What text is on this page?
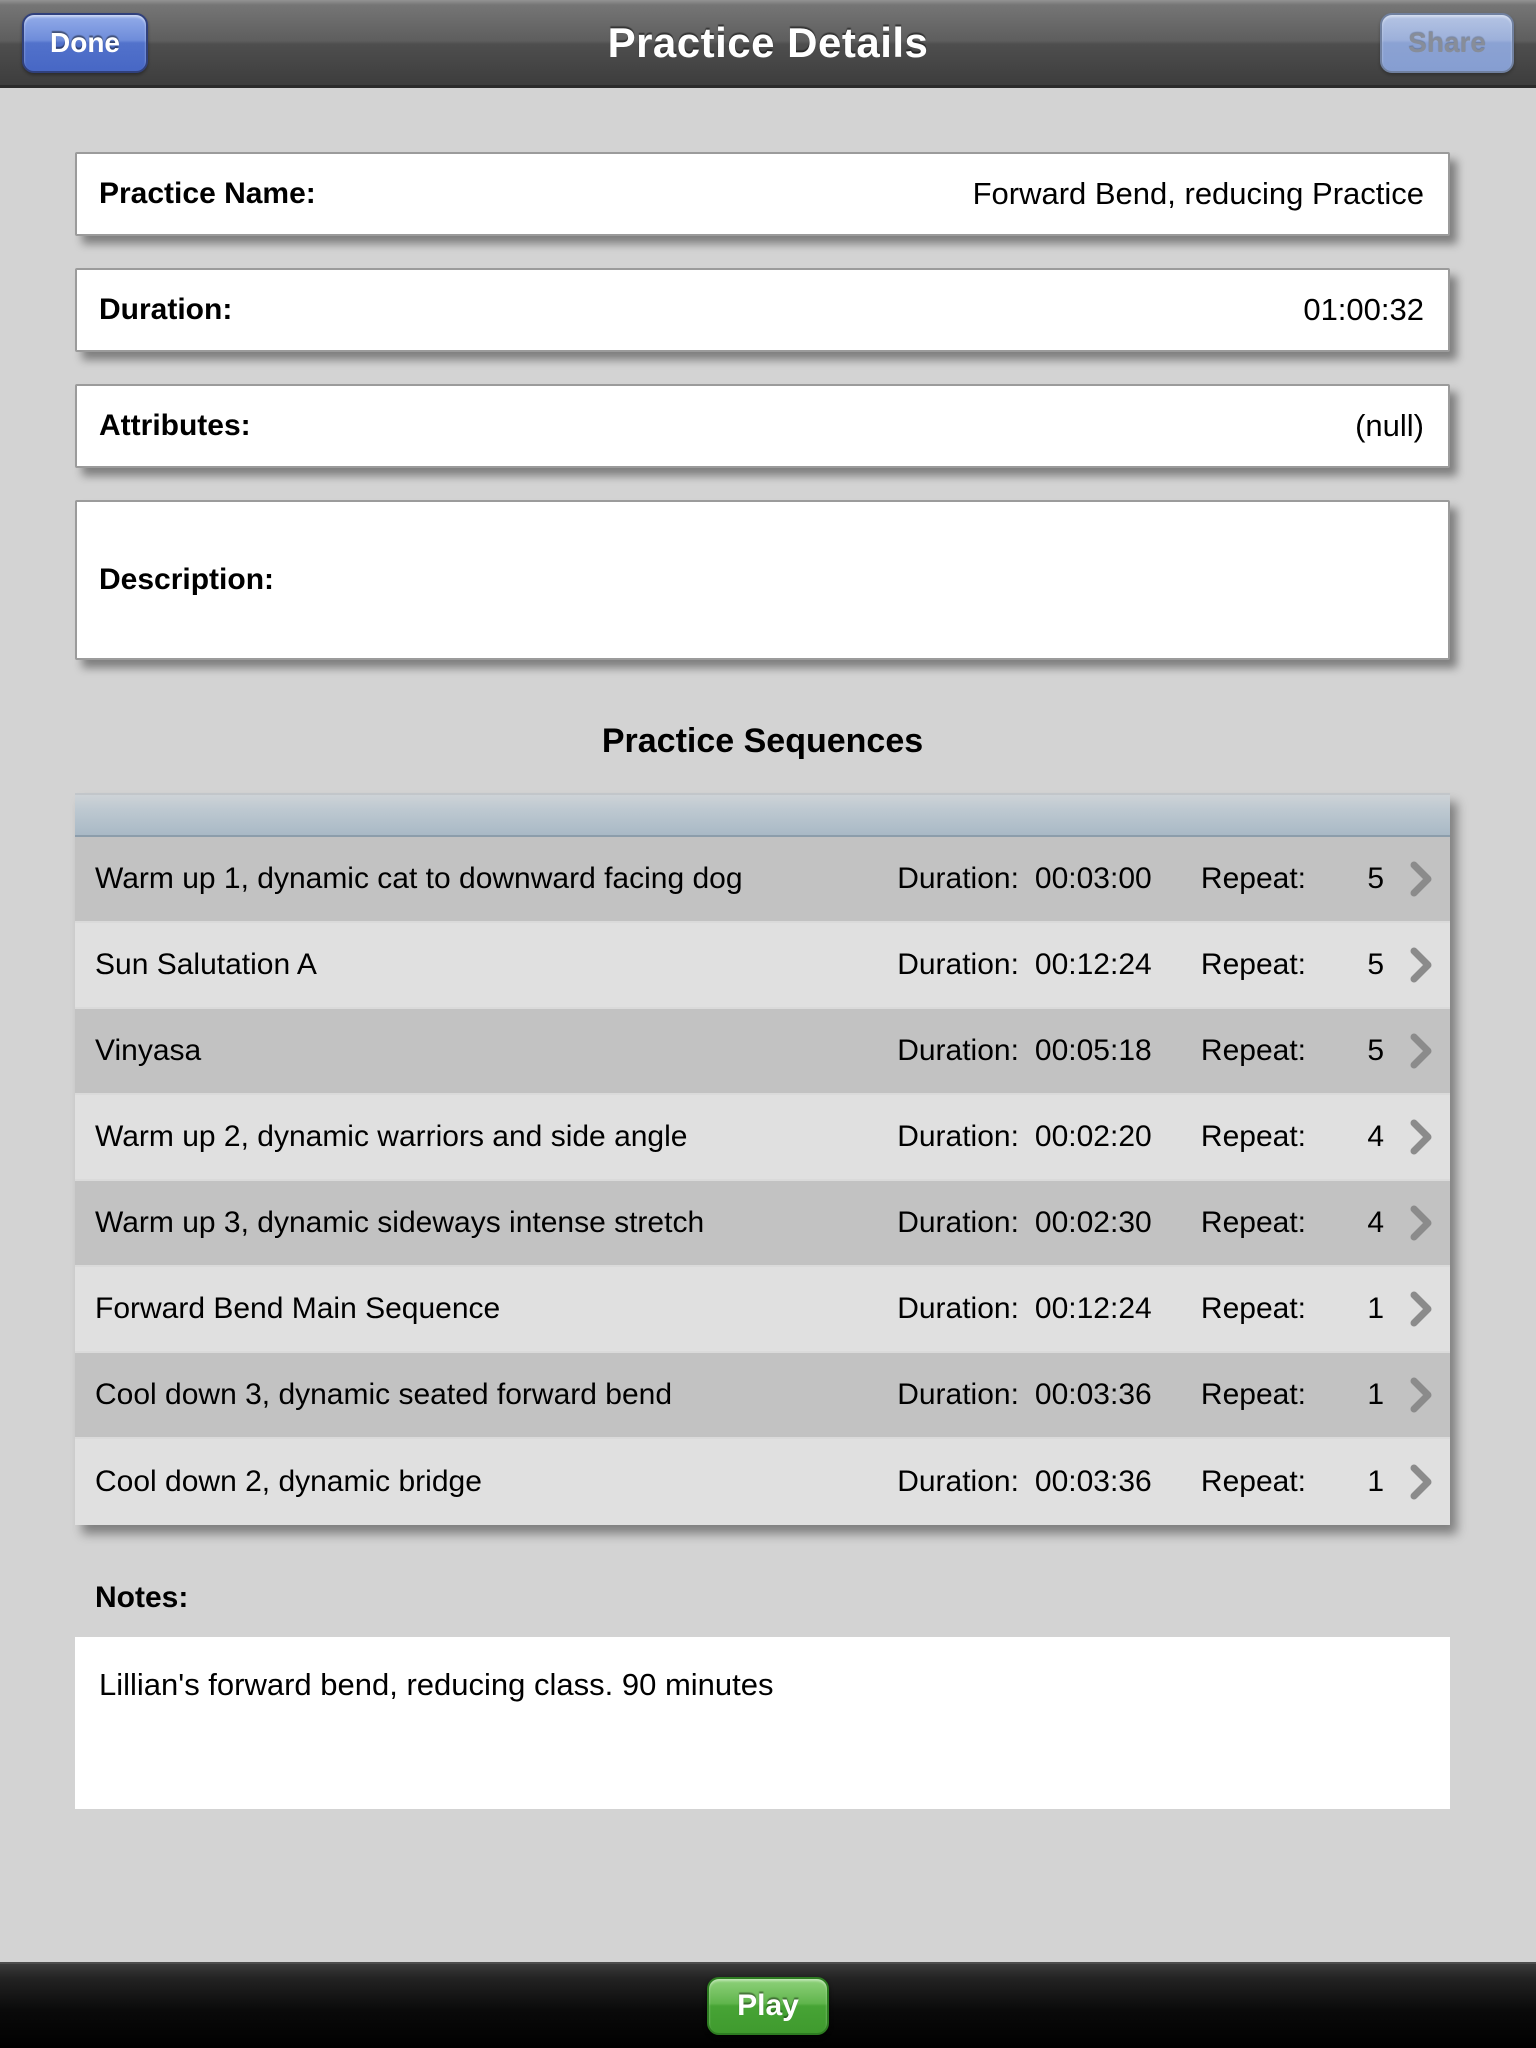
Done	Practice Details	Share
Practice Name:	Forward Bend, reducing Practice
Duration:	01:00:32
Attributes:	(null)
Description:
Practice Sequences
Warm up 1, dynamic cat to downward facing dog	Duration: 00:03:00	Repeat:	5
Sun Salutation A	Duration: 00:12:24	Repeat:	5
Vinyasa	Duration: 00:05:18	Repeat:	5
Warm up 2, dynamic warriors and side angle	Duration: 00:02:20	Repeat:	4
Warm up 3, dynamic sideways intense stretch	Duration: 00:02:30	Repeat:	4
Forward Bend Main Sequence	Duration: 00:12:24	Repeat:	1
Cool down 3, dynamic seated forward bend	Duration: 00:03:36	Repeat:	1
Cool down 2, dynamic bridge	Duration: 00:03:36	Repeat:	1
Notes:
Lillian's forward bend, reducing class. 90 minutes
Play
